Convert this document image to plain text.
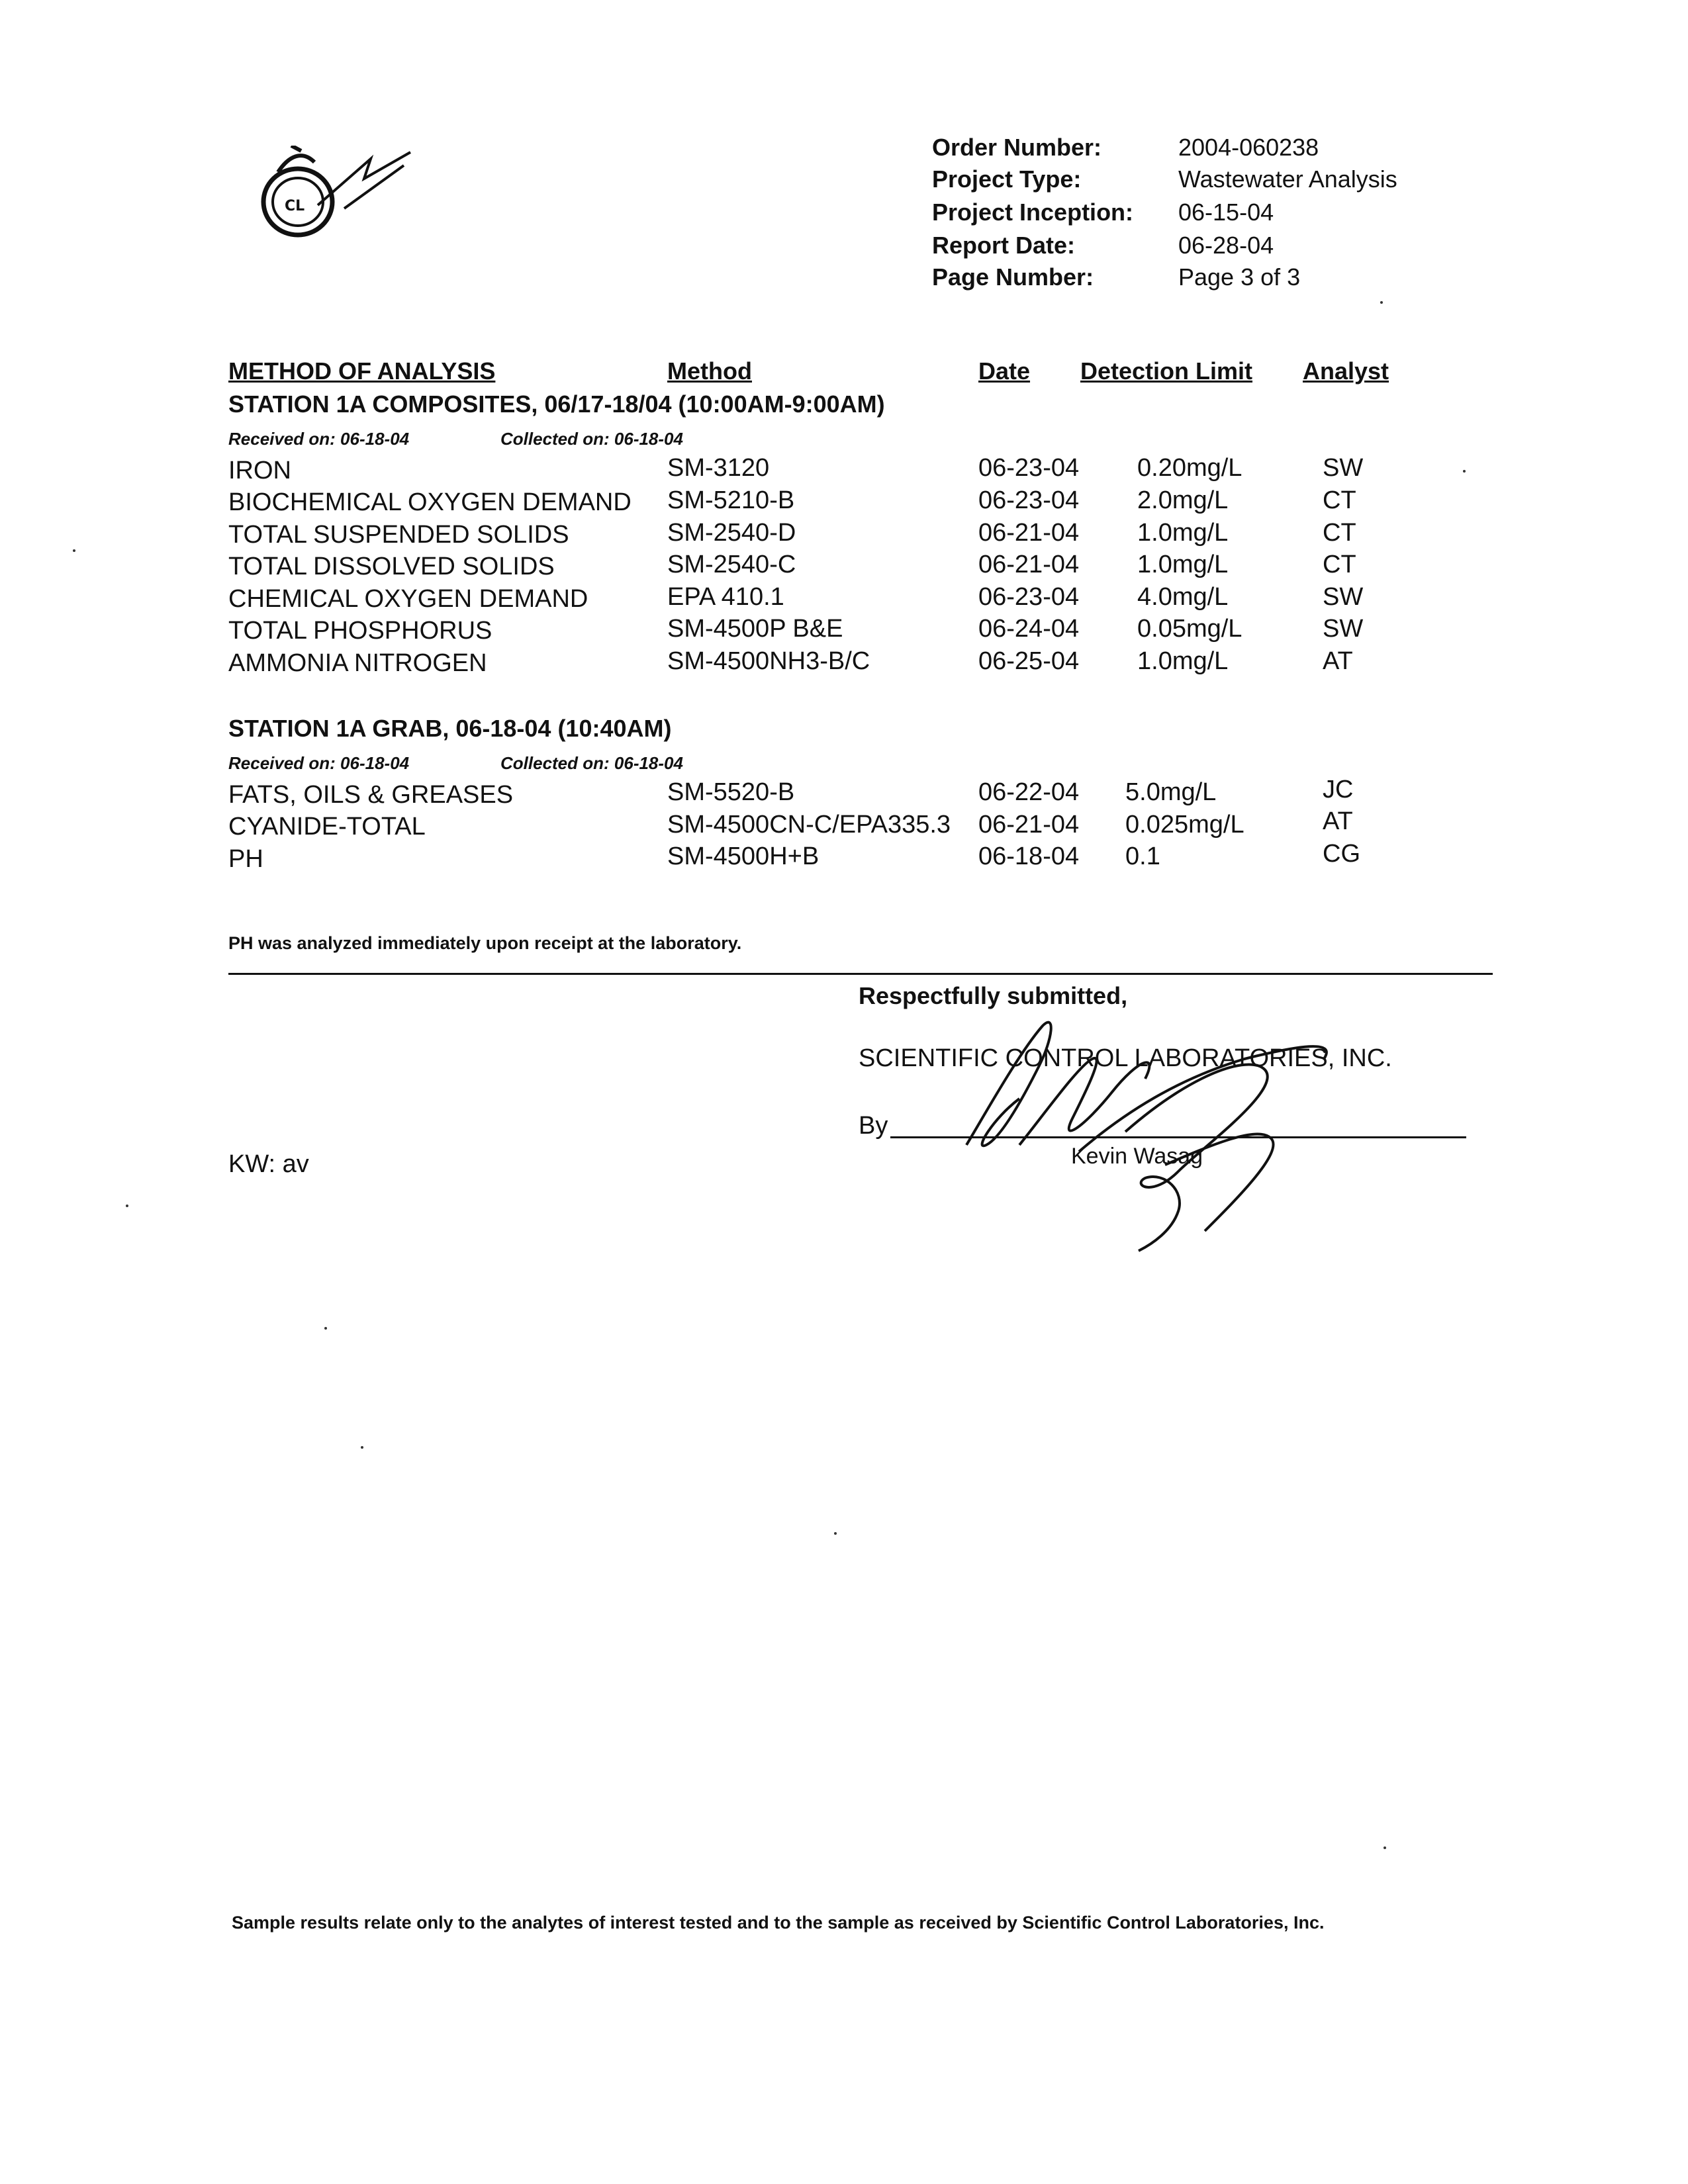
CL
Order Number:	2004-060238
Project Type:	Wastewater Analysis
Project Inception: 06-15-04
Report Date:	06-28-04
Page Number:	Page 3 of 3
METHOD OF ANALYSIS	Method	Date Detection Limit Analyst
STATION 1A COMPOSITES, 06/17-18/04 (10:00AM-9:00AM)
Received on: 06-18-04	Collected on: 06-18-04
IRON	SM-3120	06-23-04 0.20mg/L	SW
BIOCHEMICAL OXYGEN DEMAND SM-5210-B	06-23-04 2.0mg/L	CT
TOTAL SUSPENDED SOLIDS	SM-2540-D	06-21-04 1.0mg/L	CT
TOTAL DISSOLVED SOLIDS	SM-2540-C	06-21-04 1.0mg/L	CT
CHEMICAL OXYGEN DEMAND	EPA 410.1	06-23-04 4.0mg/L	SW
TOTAL PHOSPHORUS	SM-4500P B&E	06-24-04 0.05mg/L	SW
AMMONIA NITROGEN	SM-4500NH3-B/C	06-25-04 1.0mg/L	AT
STATION 1A GRAB, 06-18-04 (10:40AM)
Received on: 06-18-04	Collected on: 06-18-04
FATS, OILS & GREASES	SM-5520-B	06-22-04 5.0mg/L	JC
CYANIDE-TOTAL	SM-4500CN-C/EPA335.3 06-21-04 0.025mg/L	AT
PH	SM-4500H+B	06-18-04 0.1	CG
PH was analyzed immediately upon receipt at the laboratory.
Respectfully submitted,
SCIENTIFIC CONTROL LABORATORIES, INC.
By
Kevin Wasag
KW: av
Sample results relate only to the analytes of interest tested and to the sample as received by Scientific Control Laboratories, Inc.
